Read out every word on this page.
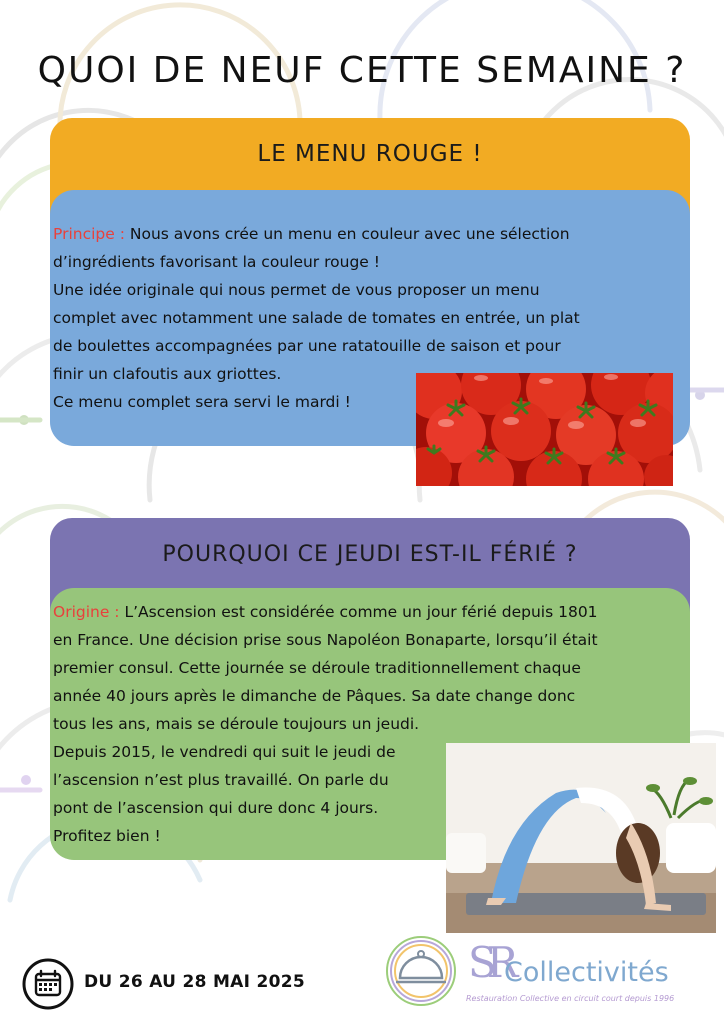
QUOI DE NEUF CETTE SEMAINE ?
LE MENU ROUGE !
Principe : Nous avons crée un menu en couleur avec une sélection
d’ingrédients favorisant la couleur rouge !
Une idée originale qui nous permet de vous proposer un menu
complet avec notamment une salade de tomates en entrée, un plat
de boulettes accompagnées par une ratatouille de saison et pour
finir un clafoutis aux griottes.
Ce menu complet sera servi le mardi !
POURQUOI CE JEUDI EST-IL FÉRIÉ ?
Origine : L’Ascension est considérée comme un jour férié depuis 1801
en France. Une décision prise sous Napoléon Bonaparte, lorsqu’il était
premier consul. Cette journée se déroule traditionnellement chaque
année 40 jours après le dimanche de Pâques. Sa date change donc
tous les ans, mais se déroule toujours un jeudi.
Depuis 2015, le vendredi qui suit le jeudi de
l’ascension n’est plus travaillé. On parle du
pont de l’ascension qui dure donc 4 jours.
Profitez bien !
DU 26 AU 28 MAI 2025	SR
Collectivités
Restauration Collective en circuit court depuis 1996
